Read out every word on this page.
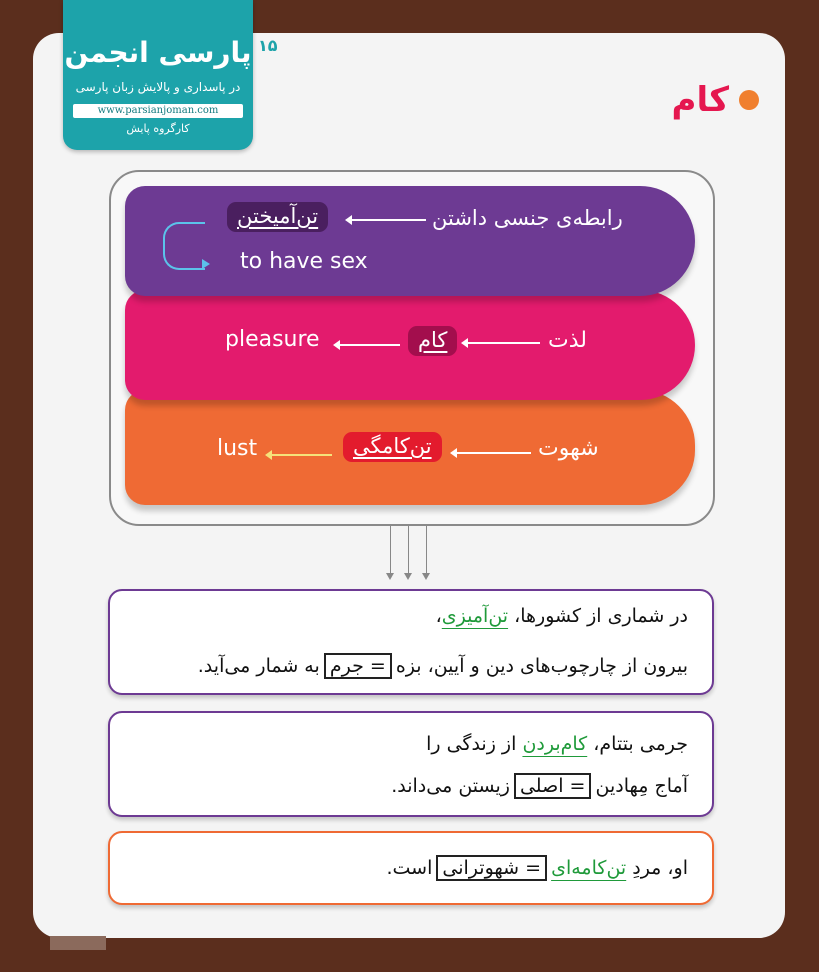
پارسی انجمن
در پاسداری و پالایش زبان پارسی
www.parsianjoman.com
کارگروه پایش
۱۵
کام
رابطه‌ی جنسی داشتن
تن‌آمیختن
to have sex
لذت
کام
pleasure
شهوت
تن‌کامگی
lust
در شماری از کشورها، تن‌آمیزی،
بیرون از چارچوب‌های دین و آیین، بزه = جرم به شمار می‌آید.
جرمی بتتام، کام‌بردن از زندگی را
آماج مِهادین = اصلی زیستن می‌داند.
او، مردِ تن‌کامه‌ای = شهوترانی است.
